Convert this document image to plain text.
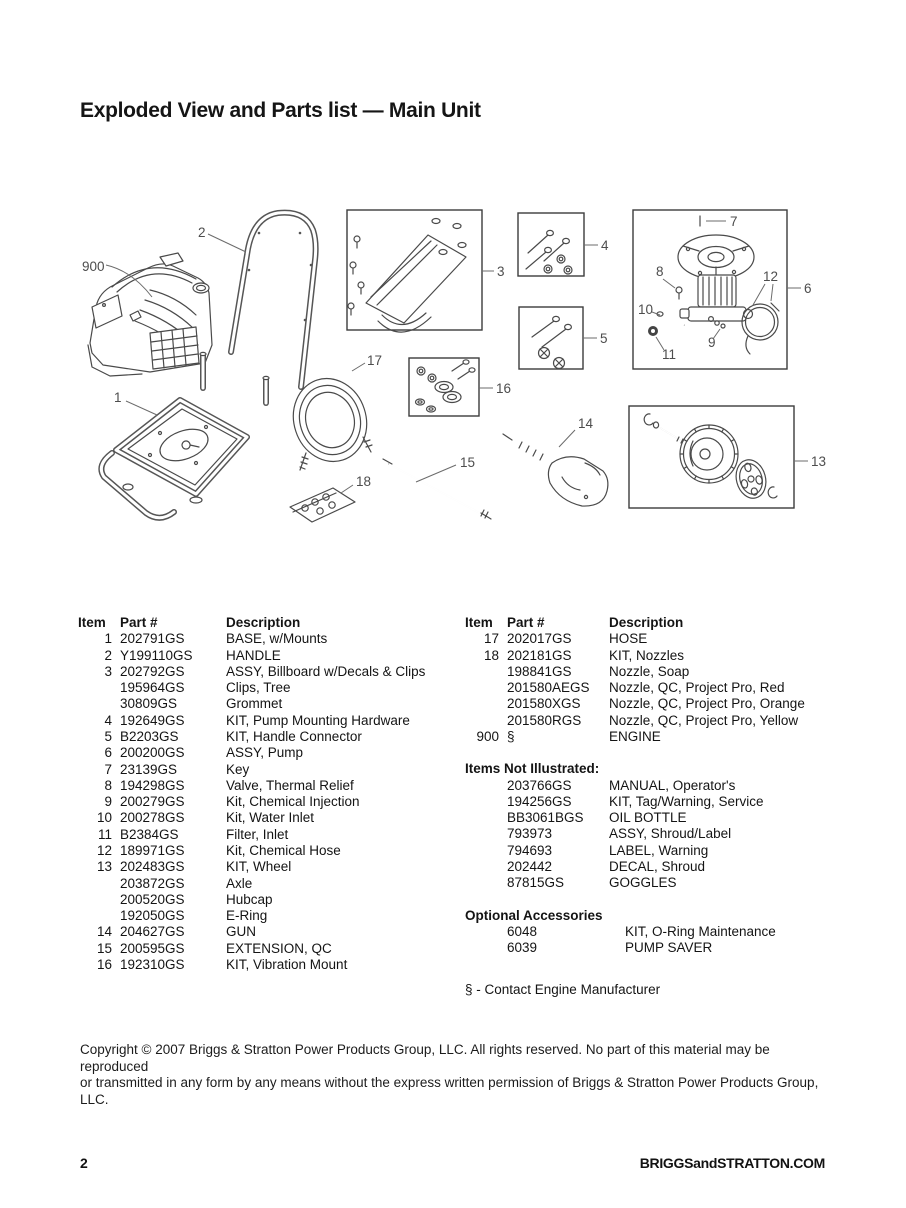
Exploded View and Parts list — Main Unit
900
2
3
4
5
7
8
10
11
9
12
6
1
17
18
16
15
14
13
Item	Part #	Description
1 202791GS	BASE, w/Mounts
2 Y199110GS	HANDLE
3 202792GS	ASSY, Billboard w/Decals & Clips
195964GS	Clips, Tree
30809GS	Grommet
4 192649GS	KIT, Pump Mounting Hardware
5 B2203GS	KIT, Handle Connector
6 200200GS	ASSY, Pump
7 23139GS	Key
8 194298GS	Valve, Thermal Relief
9 200279GS	Kit, Chemical Injection
10 200278GS	Kit, Water Inlet
11 B2384GS	Filter, Inlet
12 189971GS	Kit, Chemical Hose
13 202483GS	KIT, Wheel
203872GS	Axle
200520GS	Hubcap
192050GS	E-Ring
14 204627GS	GUN
15 200595GS	EXTENSION, QC
16 192310GS	KIT, Vibration Mount
Item	Part #	Description
17 202017GS	HOSE
18 202181GS	KIT, Nozzles
198841GS	Nozzle, Soap
201580AEGS	Nozzle, QC, Project Pro, Red
201580XGS	Nozzle, QC, Project Pro, Orange
201580RGS	Nozzle, QC, Project Pro, Yellow
900 §	ENGINE
Items Not Illustrated:
203766GS	MANUAL, Operator's
194256GS	KIT, Tag/Warning, Service
BB3061BGS	OIL BOTTLE
793973	ASSY, Shroud/Label
794693	LABEL, Warning
202442	DECAL, Shroud
87815GS	GOGGLES
Optional Accessories
6048	KIT, O-Ring Maintenance
6039	PUMP SAVER
§ - Contact Engine Manufacturer
Copyright © 2007 Briggs & Stratton Power Products Group, LLC. All rights reserved. No part of this material may be reproduced
or transmitted in any form by any means without the express written permission of Briggs & Stratton Power Products Group, LLC.
2	BRIGGSandSTRATTON.COM
